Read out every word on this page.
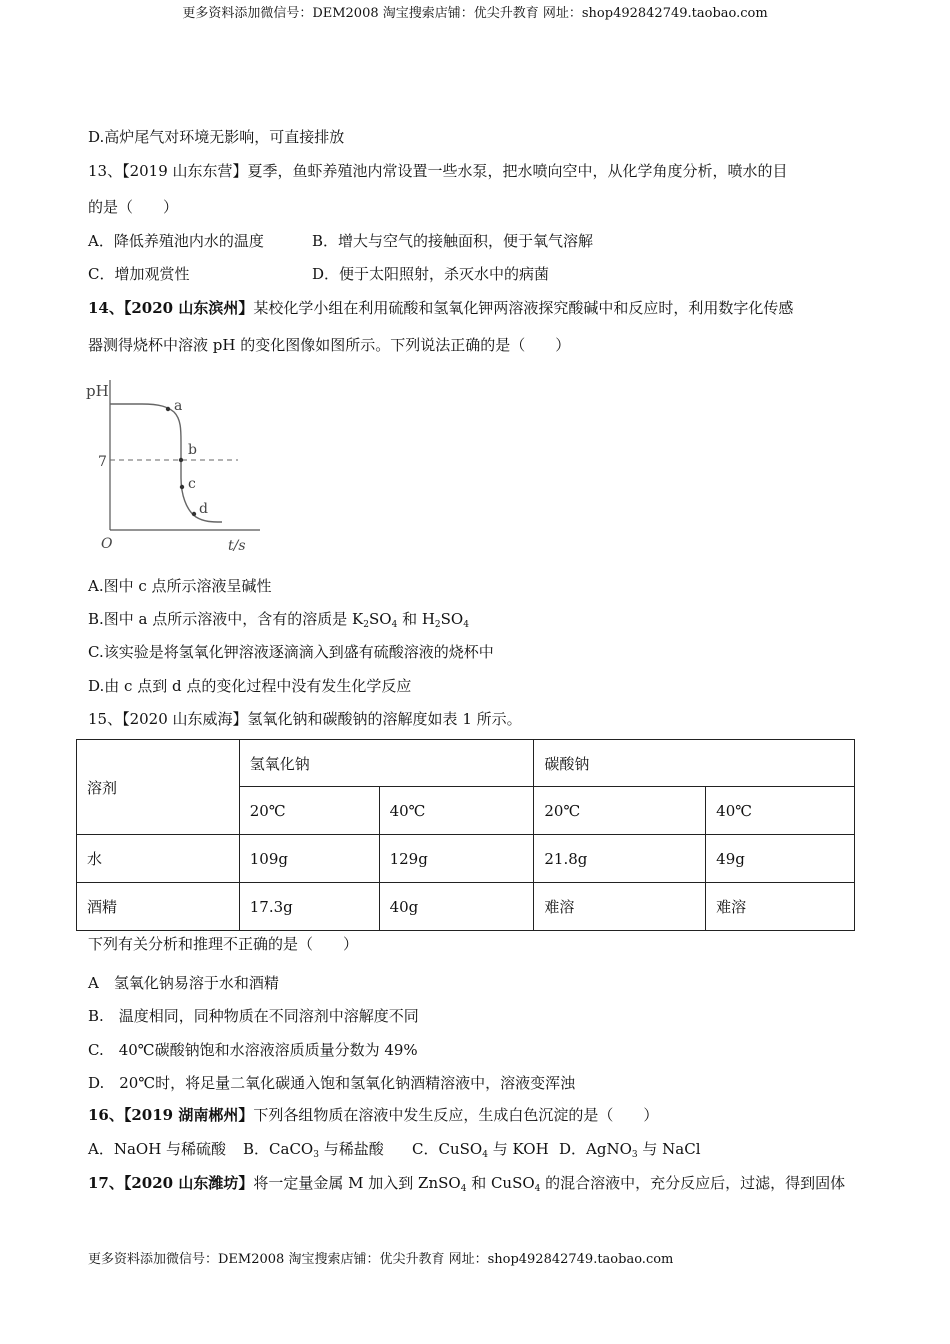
更多资料添加微信号：DEM2008 淘宝搜索店铺：优尖升教育 网址：shop492842749.taobao.com
D.高炉尾气对环境无影响，可直接排放
13、【2019 山东东营】夏季，鱼虾养殖池内常设置一些水泵，把水喷向空中，从化学角度分析，喷水的目
的是（　　）
A．降低养殖池内水的温度	B．增大与空气的接触面积，便于氧气溶解
C．增加观赏性	D．便于太阳照射，杀灭水中的病菌
14、【2020 山东滨州】某校化学小组在利用硫酸和氢氧化钾两溶液探究酸碱中和反应时，利用数字化传感
器测得烧杯中溶液 pH 的变化图像如图所示。下列说法正确的是（　　）
pH
t/s
O
7
a
b
c
d
A.图中 c 点所示溶液呈碱性
B.图中 a 点所示溶液中，含有的溶质是 $K_2SO_4$ 和 $H_2SO_4$
C.该实验是将氢氧化钾溶液逐滴滴入到盛有硫酸溶液的烧杯中
D.由 c 点到 d 点的变化过程中没有发生化学反应
15、【2020 山东威海】氢氧化钠和碳酸钠的溶解度如表 1 所示。
溶剂	氢氧化钠		碳酸钠	
	20℃	40℃	20℃	40℃
水	109g	129g	21.8g	49g
酒精	17.3g	40g	难溶	难溶
下列有关分析和推理不正确的是（　　）
A　氢氧化钠易溶于水和酒精
B.　温度相同，同种物质在不同溶剂中溶解度不同
C.　40℃碳酸钠饱和水溶液溶质质量分数为 49%
D.　20℃时，将足量二氧化碳通入饱和氢氧化钠酒精溶液中，溶液变浑浊
16、【2019 湖南郴州】下列各组物质在溶液中发生反应，生成白色沉淀的是（　　）
A．NaOH 与稀硫酸 B．CaCO$_3$ 与稀盐酸 C．CuSO$_4$ 与 KOH D．AgNO$_3$ 与 NaCl
17、【2020 山东潍坊】将一定量金属 M 加入到 ZnSO$_4$ 和 CuSO$_4$ 的混合溶液中，充分反应后，过滤，得到固体
更多资料添加微信号：DEM2008 淘宝搜索店铺：优尖升教育 网址：shop492842749.taobao.com
